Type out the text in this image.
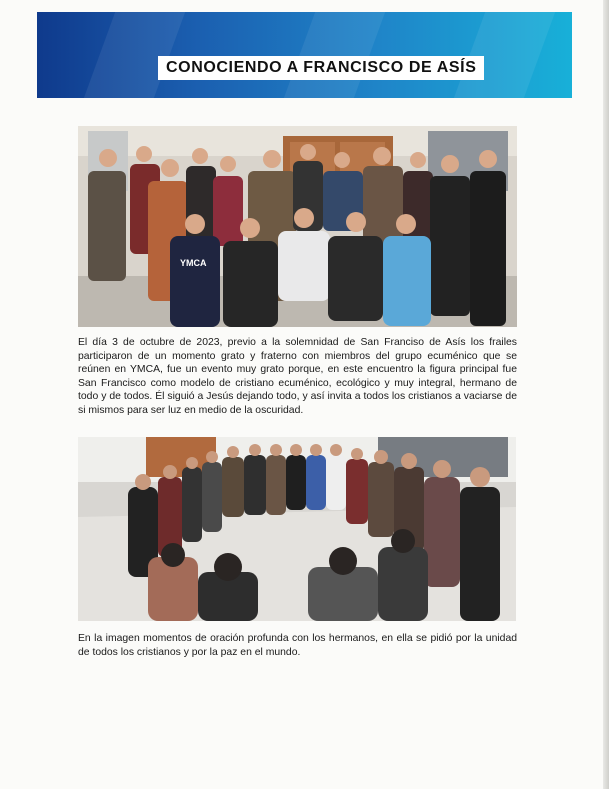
CONOCIENDO A FRANCISCO DE ASÍS
YMCA

El día 3 de octubre de 2023, previo a la solemnidad de San Franciso de Asís los frailes participaron de un momento grato y fraterno con miembros del grupo ecuménico que se reúnen en YMCA, fue un evento muy grato porque, en este encuentro la figura principal fue San Francisco como modelo de cristiano ecuménico, ecológico y muy integral, hermano de todo y de todos. Él siguió a Jesús dejando todo, y así invita a todos los cristianos a vaciarse de si mismos para ser luz en medio de la oscuridad.

En la imagen momentos de oración profunda con los hermanos, en ella se pidió por la unidad de todos los cristianos y por la paz en el mundo.
